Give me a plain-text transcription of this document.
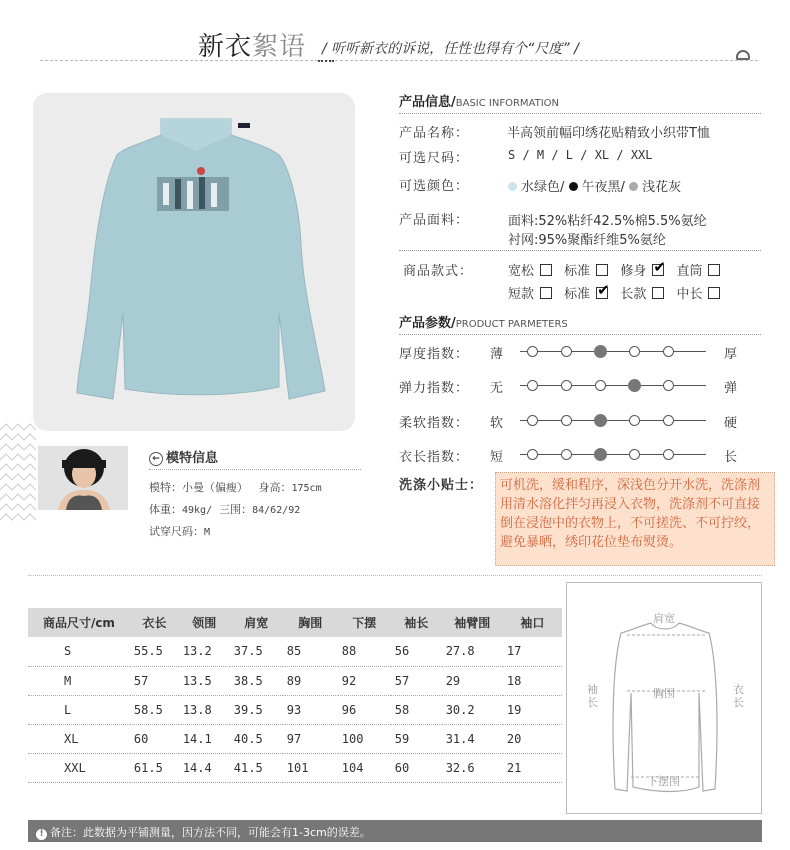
新衣絮语 / 听听新衣的诉说，任性也得有个“尺度” /
← 模特信息
模特：小曼（偏瘦） 身高：175cm
体重：49kg/ 三围：84/62/92
试穿尺码：M
产品信息/BASIC INFORMATION
产品名称：	半高领前幅印绣花贴精致小织带T恤
可选尺码：	S / M / L / XL / XXL
可选颜色：	水绿色/ 午夜黑/ 浅花灰
产品面料：	面料:52%粘纤42.5%棉5.5%氨纶
衬网:95%聚酯纤维5%氨纶
商品款式：	宽松 标准 修身 ✔ 直筒
短款 标准 ✔ 长款 中长
产品参数/PRODUCT PARMETERS
厚度指数： 薄	厚
弹力指数： 无	弹
柔软指数： 软	硬
衣长指数： 短	长
洗涤小贴士：	可机洗，缓和程序，深浅色分开水洗，洗涤剂用清水溶化拌匀再浸入衣物，洗涤剂不可直接倒在浸泡中的衣物上，不可搓洗、不可拧绞，避免暴晒，绣印花位垫布熨烫。
商品尺寸/cm	衣长	领围	肩宽	胸围	下摆	袖长	袖臂围	袖口
S	55.5	13.2	37.5	85	88	56	27.8	17
M	57	13.5	38.5	89	92	57	29	18
L	58.5	13.8	39.5	93	96	58	30.2	19
XL	60	14.1	40.5	97	100	59	31.4	20
XXL	61.5	14.4	41.5	101	104	60	32.6	21
肩宽
胸围
袖长
衣长
下摆围
! 备注：此数据为平铺测量，因方法不同，可能会有1-3cm的误差。
